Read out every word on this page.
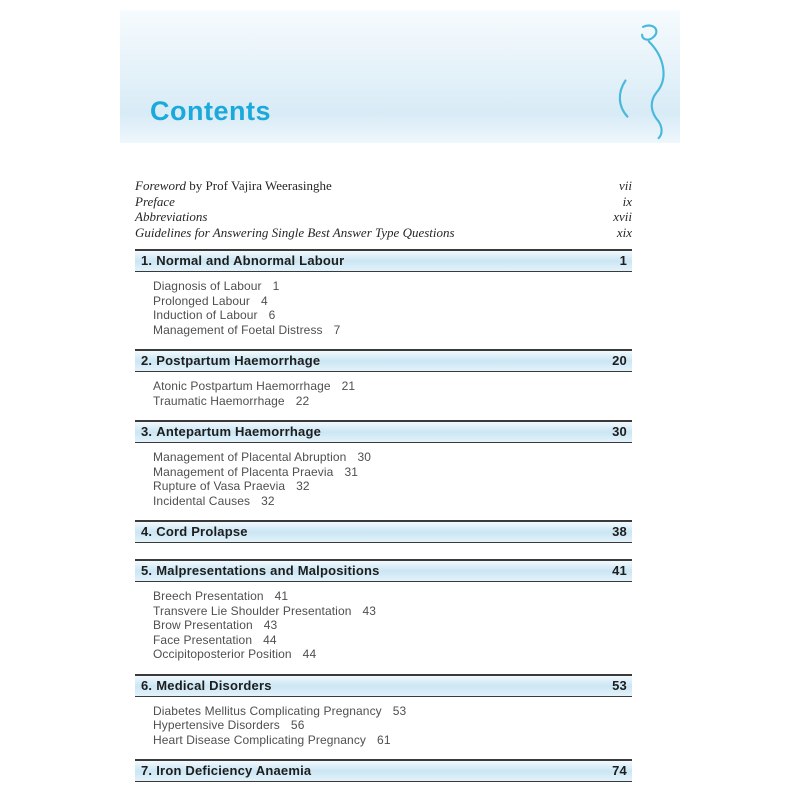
Contents
Foreword by Prof Vajira Weerasinghe	vii
Preface	ix
Abbreviations	xvii
Guidelines for Answering Single Best Answer Type Questions	xix
1. Normal and Abnormal Labour	1
Diagnosis of Labour 1
Prolonged Labour 4
Induction of Labour 6
Management of Foetal Distress 7
2. Postpartum Haemorrhage	20
Atonic Postpartum Haemorrhage 21
Traumatic Haemorrhage 22
3. Antepartum Haemorrhage	30
Management of Placental Abruption 30
Management of Placenta Praevia 31
Rupture of Vasa Praevia 32
Incidental Causes 32
4. Cord Prolapse	38
5. Malpresentations and Malpositions	41
Breech Presentation 41
Transvere Lie Shoulder Presentation 43
Brow Presentation 43
Face Presentation 44
Occipitoposterior Position 44
6. Medical Disorders	53
Diabetes Mellitus Complicating Pregnancy 53
Hypertensive Disorders 56
Heart Disease Complicating Pregnancy 61
7. Iron Deficiency Anaemia	74
